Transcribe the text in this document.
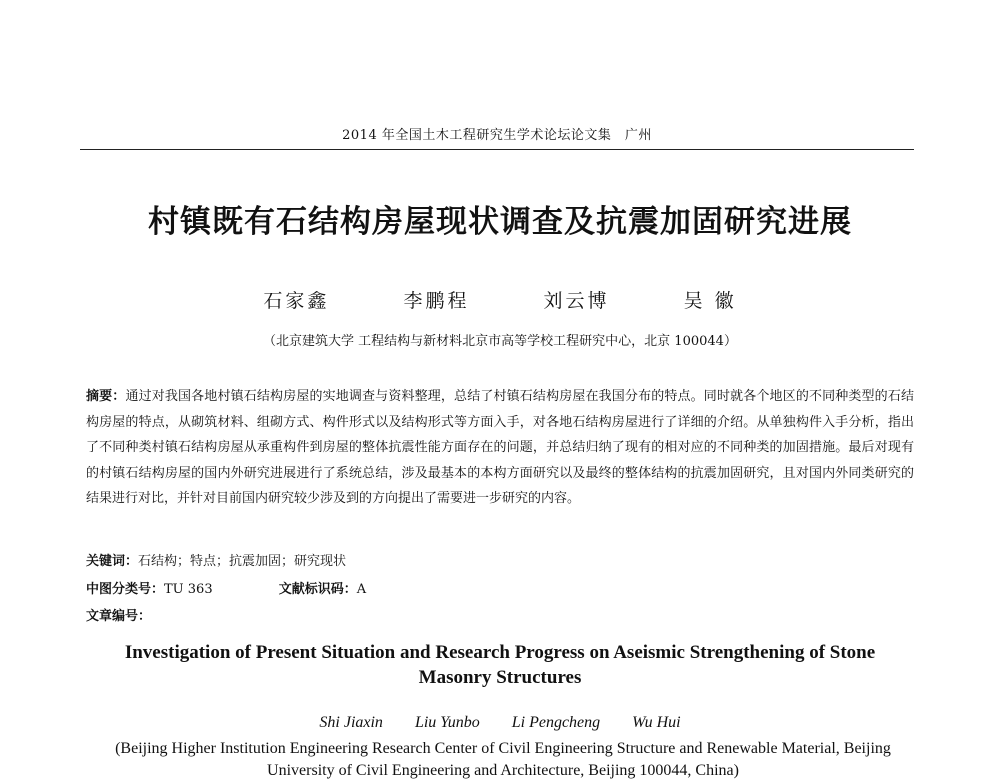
2014 年全国土木工程研究生学术论坛论文集　广州
村镇既有石结构房屋现状调查及抗震加固研究进展
石家鑫	李鹏程	刘云博	吴 徽
（北京建筑大学 工程结构与新材料北京市高等学校工程研究中心，北京 100044）
摘要：通过对我国各地村镇石结构房屋的实地调查与资料整理，总结了村镇石结构房屋在我国分布的特点。同时就各个地区的不同种类型的石结构房屋的特点，从砌筑材料、组砌方式、构件形式以及结构形式等方面入手，对各地石结构房屋进行了详细的介绍。从单独构件入手分析，指出了不同种类村镇石结构房屋从承重构件到房屋的整体抗震性能方面存在的问题，并总结归纳了现有的相对应的不同种类的加固措施。最后对现有的村镇石结构房屋的国内外研究进展进行了系统总结，涉及最基本的本构方面研究以及最终的整体结构的抗震加固研究，且对国内外同类研究的结果进行对比，并针对目前国内研究较少涉及到的方向提出了需要进一步研究的内容。
关键词：石结构；特点；抗震加固；研究现状
中图分类号：TU 363	文献标识码：A
文章编号：
Investigation of Present Situation and Research Progress on Aseismic Strengthening of Stone Masonry Structures
Shi Jiaxin Liu Yunbo Li Pengcheng Wu Hui
(Beijing Higher Institution Engineering Research Center of Civil Engineering Structure and Renewable Material, Beijing University of Civil Engineering and Architecture, Beijing 100044, China)
